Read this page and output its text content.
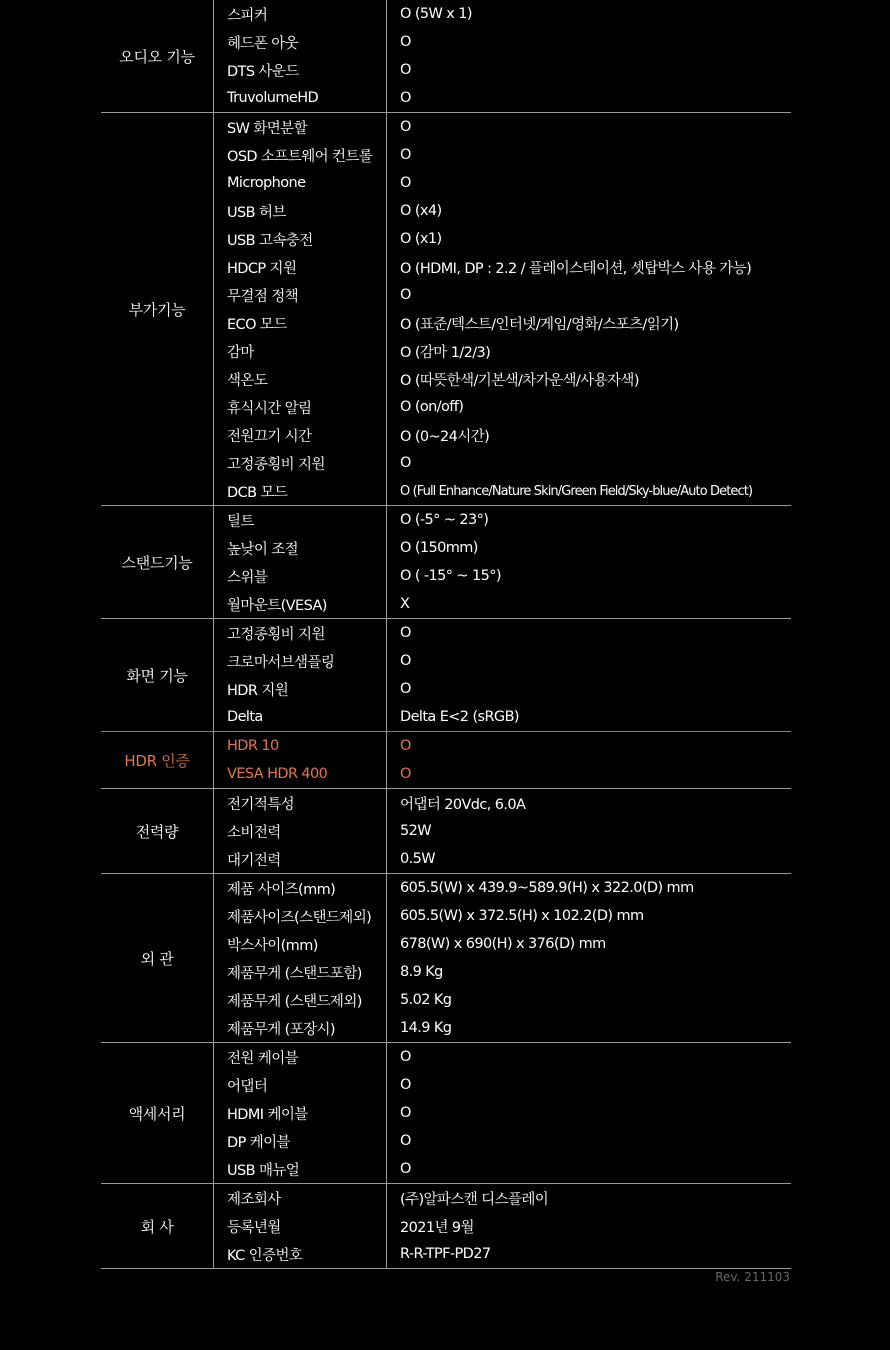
오디오 기능
스피커	O (5W x 1)
헤드폰 아웃	O
DTS 사운드	O
TruvolumeHD	O
부가기능
SW 화면분할	O
OSD 소프트웨어 컨트롤	O
Microphone	O
USB 허브	O (x4)
USB 고속충전	O (x1)
HDCP 지원	O (HDMI, DP : 2.2 / 플레이스테이션, 셋탑박스 사용 가능)
무결점 정책	O
ECO 모드	O (표준/텍스트/인터넷/게임/영화/스포츠/읽기)
감마	O (감마 1/2/3)
색온도	O (따뜻한색/기본색/차가운색/사용자색)
휴식시간 알림	O (on/off)
전원끄기 시간	O (0~24시간)
고정종횡비 지원	O
DCB 모드	O (Full Enhance/Nature Skin/Green Field/Sky-blue/Auto Detect)
스탠드기능
틸트	O (-5° ~ 23°)
높낮이 조절	O (150mm)
스위블	O ( -15° ~ 15°)
월마운트(VESA)	X
화면 기능
고정종횡비 지원	O
크로마서브샘플링	O
HDR 지원	O
Delta	Delta E<2 (sRGB)
HDR 인증
HDR 10	O
VESA HDR 400	O
전력량
전기적특성	어댑터 20Vdc, 6.0A
소비전력	52W
대기전력	0.5W
외 관
제품 사이즈(mm)	605.5(W) x 439.9~589.9(H) x 322.0(D) mm
제품사이즈(스탠드제외)	605.5(W) x 372.5(H) x 102.2(D) mm
박스사이(mm)	678(W) x 690(H) x 376(D) mm
제품무게 (스탠드포함)	8.9 Kg
제품무게 (스탠드제외)	5.02 Kg
제품무게 (포장시)	14.9 Kg
액세서리
전원 케이블	O
어댑터	O
HDMI 케이블	O
DP 케이블	O
USB 매뉴얼	O
회 사
제조회사	(주)알파스캔 디스플레이
등록년월	2021년 9월
KC 인증번호	R-R-TPF-PD27
Rev. 211103
